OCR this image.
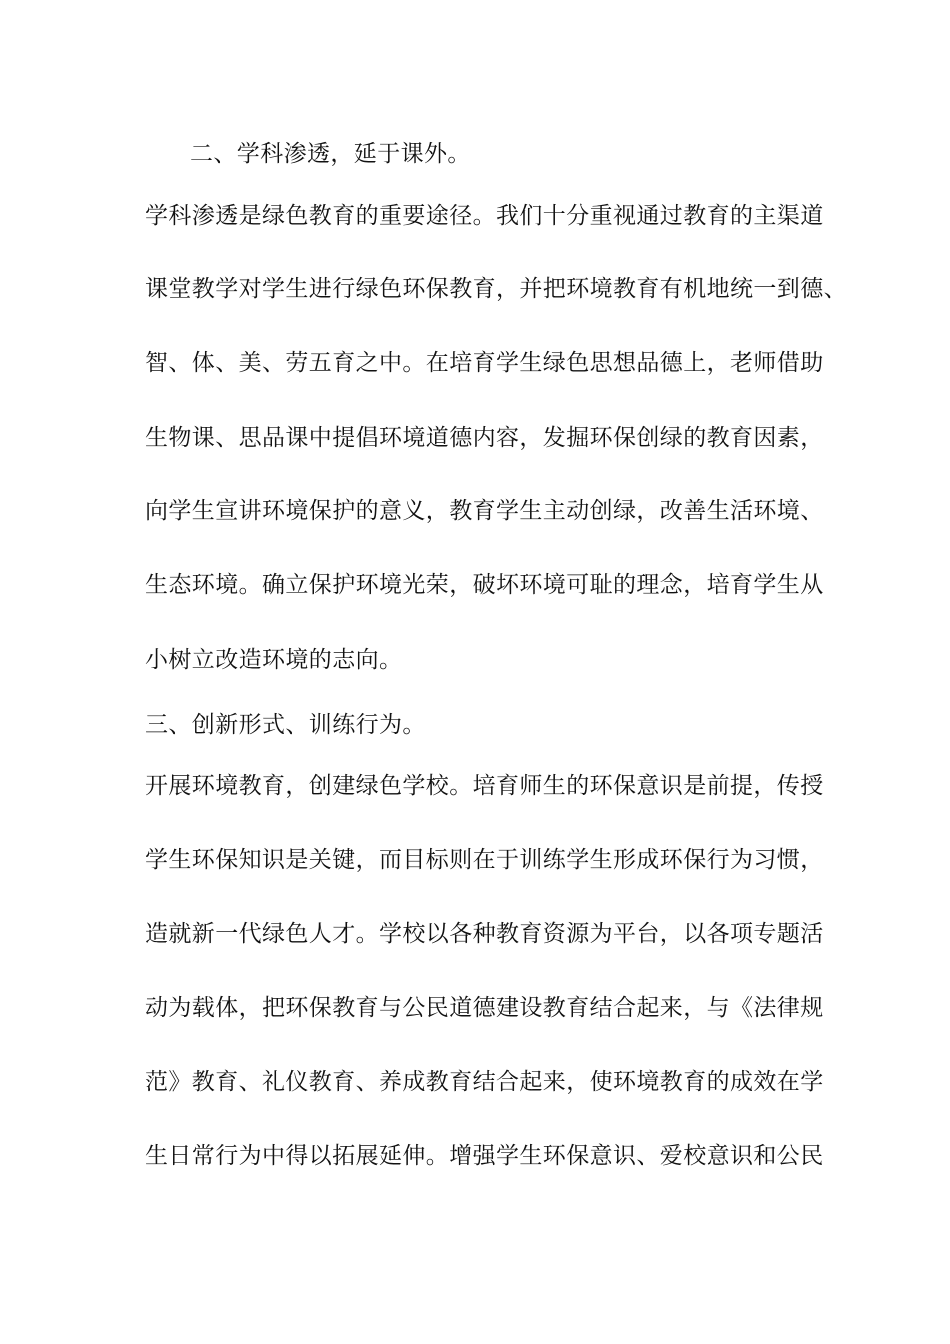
二、学科渗透，延于课外。
学科渗透是绿色教育的重要途径。我们十分重视通过教育的主渠道
课堂教学对学生进行绿色环保教育，并把环境教育有机地统一到德、
智、体、美、劳五育之中。在培育学生绿色思想品德上，老师借助
生物课、思品课中提倡环境道德内容，发掘环保创绿的教育因素，
向学生宣讲环境保护的意义，教育学生主动创绿，改善生活环境、
生态环境。确立保护环境光荣，破坏环境可耻的理念，培育学生从
小树立改造环境的志向。
三、创新形式、训练行为。
开展环境教育，创建绿色学校。培育师生的环保意识是前提，传授
学生环保知识是关键，而目标则在于训练学生形成环保行为习惯，
造就新一代绿色人才。学校以各种教育资源为平台，以各项专题活
动为载体，把环保教育与公民道德建设教育结合起来，与《法律规
范》教育、礼仪教育、养成教育结合起来，使环境教育的成效在学
生日常行为中得以拓展延伸。增强学生环保意识、爱校意识和公民
